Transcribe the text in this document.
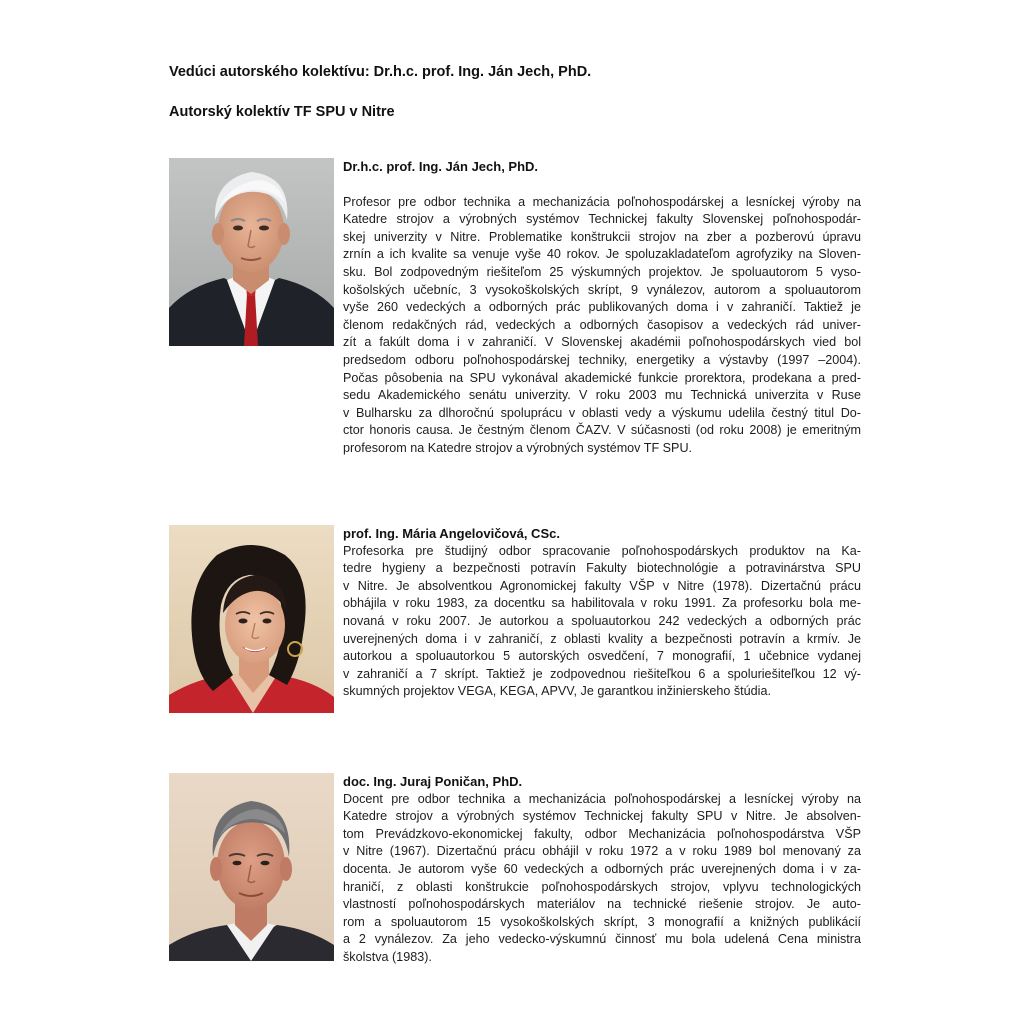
Vedúci autorského kolektívu: Dr.h.c. prof. Ing. Ján Jech, PhD.
Autorský kolektív TF SPU v Nitre
Dr.h.c. prof. Ing. Ján Jech, PhD.

Profesor pre odbor technika a mechanizácia poľnohospodárskej a lesníckej výroby na
Katedre strojov a výrobných systémov Technickej fakulty Slovenskej poľnohospodár-
skej univerzity v Nitre. Problematike konštrukcii strojov na zber a pozberovú úpravu
zrnín a ich kvalite sa venuje vyše 40 rokov. Je spoluzakladateľom agrofyziky na Sloven-
sku. Bol zodpovedným riešiteľom 25 výskumných projektov. Je spoluautorom 5 vyso-
košolských učebníc, 3 vysokoškolských skrípt, 9 vynálezov, autorom a spoluautorom
vyše 260 vedeckých a odborných prác publikovaných doma i v zahraničí. Taktiež je
členom redakčných rád, vedeckých a odborných časopisov a vedeckých rád univer-
zít a fakúlt doma i v zahraničí. V Slovenskej akadémii poľnohospodárskych vied bol
predsedom odboru poľnohospodárskej techniky, energetiky a výstavby (1997 –2004).
Počas pôsobenia na SPU vykonával akademické funkcie prorektora, prodekana a pred-
sedu Akademického senátu univerzity. V roku 2003 mu Technická univerzita v Ruse
v Bulharsku za dlhoročnú spoluprácu v oblasti vedy a výskumu udelila čestný titul Do-
ctor honoris causa. Je čestným členom ČAZV. V súčasnosti (od roku 2008) je emeritným
profesorom na Katedre strojov a výrobných systémov TF SPU.

prof. Ing. Mária Angelovičová, CSc.

Profesorka pre študijný odbor spracovanie poľnohospodárskych produktov na Ka-
tedre hygieny a bezpečnosti potravín Fakulty biotechnológie a potravinárstva SPU
v Nitre. Je absolventkou Agronomickej fakulty VŠP v Nitre (1978). Dizertačnú prácu
obhájila v roku 1983, za docentku sa habilitovala v roku 1991. Za profesorku bola me-
novaná v roku 2007. Je autorkou a spoluautorkou 242 vedeckých a odborných prác
uverejnených doma i v zahraničí, z oblasti kvality a bezpečnosti potravín a krmív. Je
autorkou a spoluautorkou 5 autorských osvedčení, 7 monografií, 1 učebnice vydanej
v zahraničí a 7 skrípt. Taktiež je zodpovednou riešiteľkou 6 a spoluriešiteľkou 12 vý-
skumných projektov VEGA, KEGA, APVV, Je garantkou inžinierskeho štúdia.

doc. Ing. Juraj Poničan, PhD.

Docent pre odbor technika a mechanizácia poľnohospodárskej a lesníckej výroby na
Katedre strojov a výrobných systémov Technickej fakulty SPU v Nitre. Je absolven-
tom Prevádzkovo-ekonomickej fakulty, odbor Mechanizácia poľnohospodárstva VŠP
v Nitre (1967). Dizertačnú prácu obhájil v roku 1972 a v roku 1989 bol menovaný za
docenta. Je autorom vyše 60 vedeckých a odborných prác uverejnených doma i v za-
hraničí, z oblasti konštrukcie poľnohospodárskych strojov, vplyvu technologických
vlastností poľnohospodárskych materiálov na technické riešenie strojov. Je auto-
rom a spoluautorom 15 vysokoškolských skrípt, 3 monografií a knižných publikácií
a 2 vynálezov. Za jeho vedecko-výskumnú činnosť mu bola udelená Cena ministra
školstva (1983).
